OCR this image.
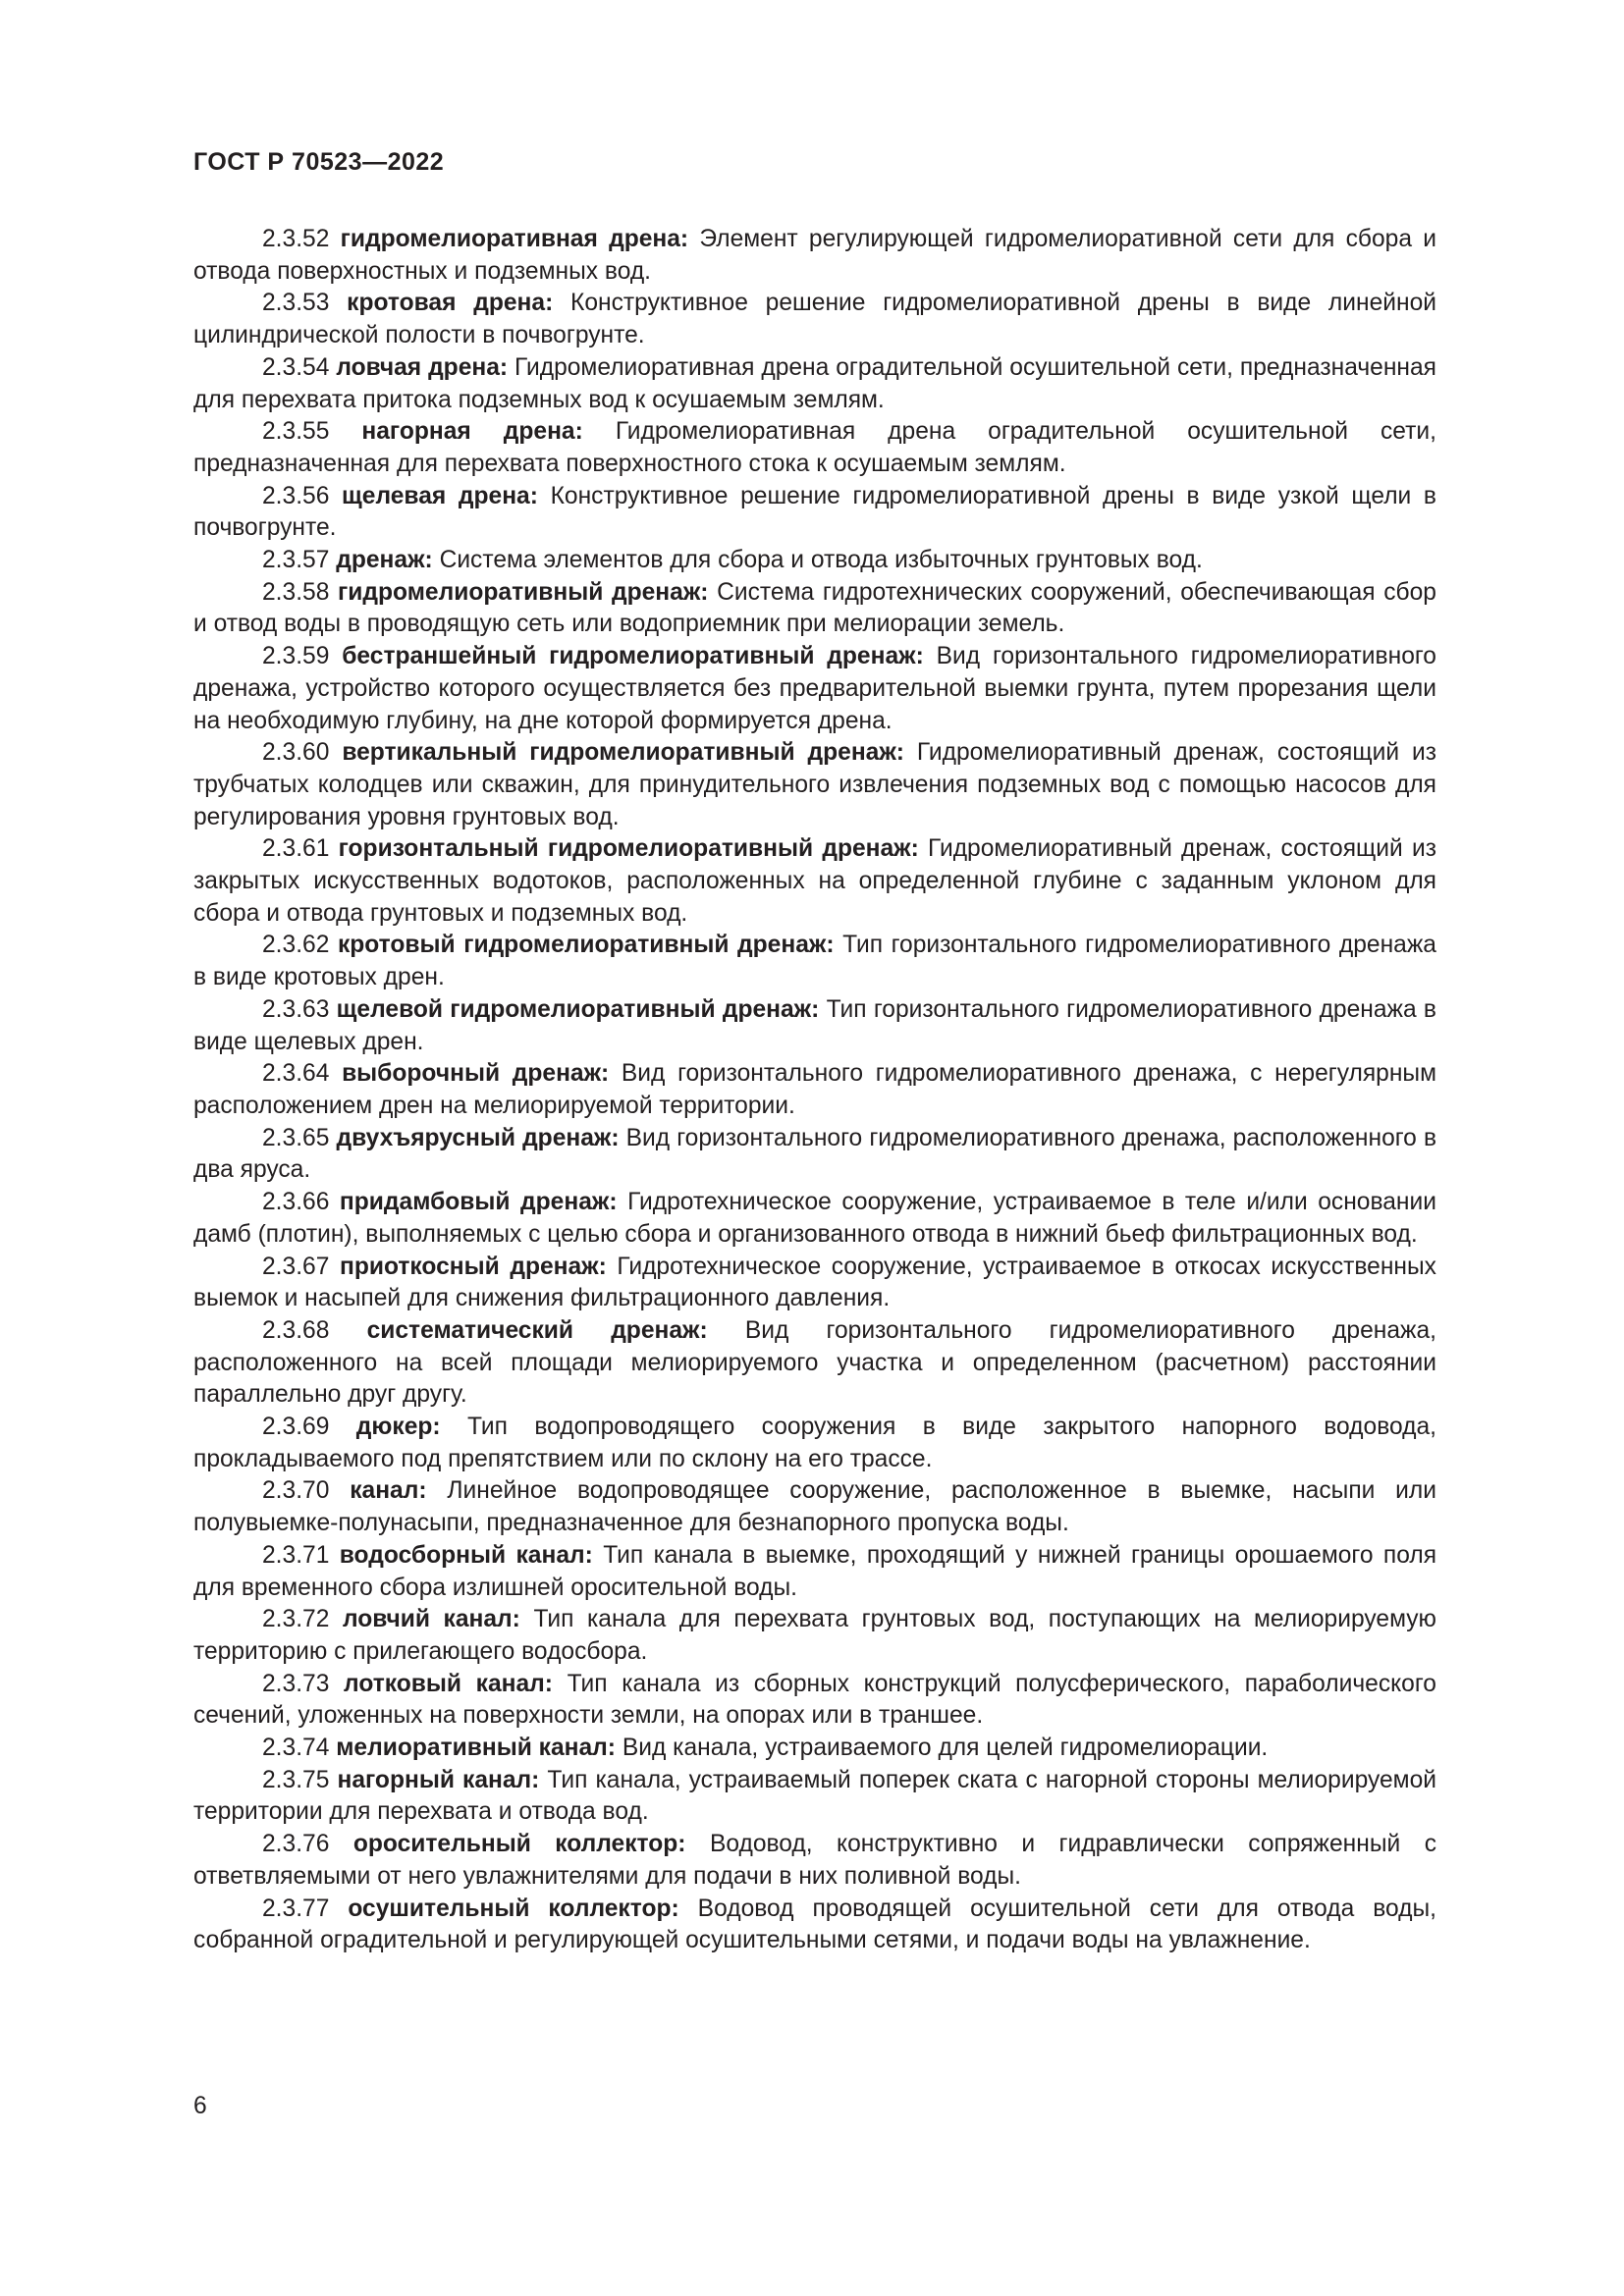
ГОСТ Р 70523—2022

2.3.52 гидромелиоративная дрена: Элемент регулирующей гидромелиоративной сети для сбора и отвода поверхностных и подземных вод.

2.3.53 кротовая дрена: Конструктивное решение гидромелиоративной дрены в виде линейной цилиндрической полости в почвогрунте.

2.3.54 ловчая дрена: Гидромелиоративная дрена оградительной осушительной сети, предназначенная для перехвата притока подземных вод к осушаемым землям.

2.3.55 нагорная дрена: Гидромелиоративная дрена оградительной осушительной сети, предназначенная для перехвата поверхностного стока к осушаемым землям.

2.3.56 щелевая дрена: Конструктивное решение гидромелиоративной дрены в виде узкой щели в почвогрунте.

2.3.57 дренаж: Система элементов для сбора и отвода избыточных грунтовых вод.

2.3.58 гидромелиоративный дренаж: Система гидротехнических сооружений, обеспечивающая сбор и отвод воды в проводящую сеть или водоприемник при мелиорации земель.

2.3.59 бестраншейный гидромелиоративный дренаж: Вид горизонтального гидромелиоративного дренажа, устройство которого осуществляется без предварительной выемки грунта, путем прорезания щели на необходимую глубину, на дне которой формируется дрена.

2.3.60 вертикальный гидромелиоративный дренаж: Гидромелиоративный дренаж, состоящий из трубчатых колодцев или скважин, для принудительного извлечения подземных вод с помощью насосов для регулирования уровня грунтовых вод.

2.3.61 горизонтальный гидромелиоративный дренаж: Гидромелиоративный дренаж, состоящий из закрытых искусственных водотоков, расположенных на определенной глубине с заданным уклоном для сбора и отвода грунтовых и подземных вод.

2.3.62 кротовый гидромелиоративный дренаж: Тип горизонтального гидромелиоративного дренажа в виде кротовых дрен.

2.3.63 щелевой гидромелиоративный дренаж: Тип горизонтального гидромелиоративного дренажа в виде щелевых дрен.

2.3.64 выборочный дренаж: Вид горизонтального гидромелиоративного дренажа, с нерегулярным расположением дрен на мелиорируемой территории.

2.3.65 двухъярусный дренаж: Вид горизонтального гидромелиоративного дренажа, расположенного в два яруса.

2.3.66 придамбовый дренаж: Гидротехническое сооружение, устраиваемое в теле и/или основании дамб (плотин), выполняемых с целью сбора и организованного отвода в нижний бьеф фильтрационных вод.

2.3.67 приоткосный дренаж: Гидротехническое сооружение, устраиваемое в откосах искусственных выемок и насыпей для снижения фильтрационного давления.

2.3.68 систематический дренаж: Вид горизонтального гидромелиоративного дренажа, расположенного на всей площади мелиорируемого участка и определенном (расчетном) расстоянии параллельно друг другу.

2.3.69 дюкер: Тип водопроводящего сооружения в виде закрытого напорного водовода, прокладываемого под препятствием или по склону на его трассе.

2.3.70 канал: Линейное водопроводящее сооружение, расположенное в выемке, насыпи или полувыемке-полунасыпи, предназначенное для безнапорного пропуска воды.

2.3.71 водосборный канал: Тип канала в выемке, проходящий у нижней границы орошаемого поля для временного сбора излишней оросительной воды.

2.3.72 ловчий канал: Тип канала для перехвата грунтовых вод, поступающих на мелиорируемую территорию с прилегающего водосбора.

2.3.73 лотковый канал: Тип канала из сборных конструкций полусферического, параболического сечений, уложенных на поверхности земли, на опорах или в траншее.

2.3.74 мелиоративный канал: Вид канала, устраиваемого для целей гидромелиорации.

2.3.75 нагорный канал: Тип канала, устраиваемый поперек ската с нагорной стороны мелиорируемой территории для перехвата и отвода вод.

2.3.76 оросительный коллектор: Водовод, конструктивно и гидравлически сопряженный с ответвляемыми от него увлажнителями для подачи в них поливной воды.

2.3.77 осушительный коллектор: Водовод проводящей осушительной сети для отвода воды, собранной оградительной и регулирующей осушительными сетями, и подачи воды на увлажнение.

6
